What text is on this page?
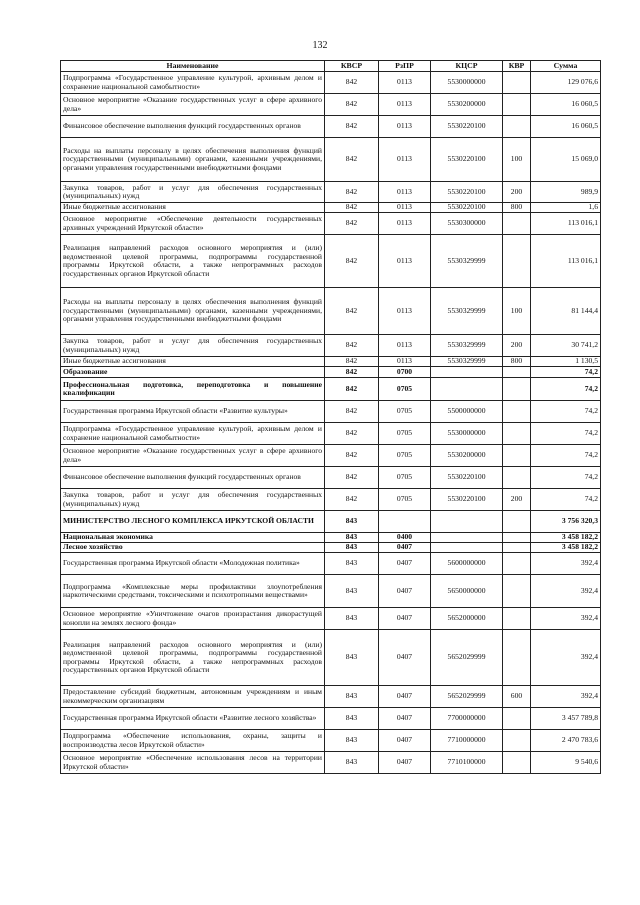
132
Наименование	КВСР	РзПР	КЦСР	КВР	Сумма
Подпрограмма «Государственное управление культурой, архивным делом и сохранение национальной самобытности»	842	0113	5530000000		129 076,6
Основное мероприятие «Оказание государственных услуг в сфере архивного дела»	842	0113	5530200000		16 060,5
Финансовое обеспечение выполнения функций государственных органов	842	0113	5530220100		16 060,5
Расходы на выплаты персоналу в целях обеспечения выполнения функций государственными (муниципальными) органами, казенными учреждениями, органами управления государственными внебюджетными фондами	842	0113	5530220100	100	15 069,0
Закупка товаров, работ и услуг для обеспечения государственных (муниципальных) нужд	842	0113	5530220100	200	989,9
Иные бюджетные ассигнования	842	0113	5530220100	800	1,6
Основное мероприятие «Обеспечение деятельности государственных архивных учреждений Иркутской области»	842	0113	5530300000		113 016,1
Реализация направлений расходов основного мероприятия и (или) ведомственной целевой программы, подпрограммы государственной программы Иркутской области, а также непрограммных расходов государственных органов Иркутской области	842	0113	5530329999		113 016,1
Расходы на выплаты персоналу в целях обеспечения выполнения функций государственными (муниципальными) органами, казенными учреждениями, органами управления государственными внебюджетными фондами	842	0113	5530329999	100	81 144,4
Закупка товаров, работ и услуг для обеспечения государственных (муниципальных) нужд	842	0113	5530329999	200	30 741,2
Иные бюджетные ассигнования	842	0113	5530329999	800	1 130,5
Образование	842	0700			74,2
Профессиональная подготовка, переподготовка и повышение квалификации	842	0705			74,2
Государственная программа Иркутской области «Развитие культуры»	842	0705	5500000000		74,2
Подпрограмма «Государственное управление культурой, архивным делом и сохранение национальной самобытности»	842	0705	5530000000		74,2
Основное мероприятие «Оказание государственных услуг в сфере архивного дела»	842	0705	5530200000		74,2
Финансовое обеспечение выполнения функций государственных органов	842	0705	5530220100		74,2
Закупка товаров, работ и услуг для обеспечения государственных (муниципальных) нужд	842	0705	5530220100	200	74,2
МИНИСТЕРСТВО ЛЕСНОГО КОМПЛЕКСА ИРКУТСКОЙ ОБЛАСТИ	843				3 756 320,3
Национальная экономика	843	0400			3 458 182,2
Лесное хозяйство	843	0407			3 458 182,2
Государственная программа Иркутской области «Молодежная политика»	843	0407	5600000000		392,4
Подпрограмма «Комплексные меры профилактики злоупотребления наркотическими средствами, токсическими и психотропными веществами»	843	0407	5650000000		392,4
Основное мероприятие «Уничтожение очагов произрастания дикорастущей конопли на землях лесного фонда»	843	0407	5652000000		392,4
Реализация направлений расходов основного мероприятия и (или) ведомственной целевой программы, подпрограммы государственной программы Иркутской области, а также непрограммных расходов государственных органов Иркутской области	843	0407	5652029999		392,4
Предоставление субсидий бюджетным, автономным учреждениям и иным некоммерческим организациям	843	0407	5652029999	600	392,4
Государственная программа Иркутской области «Развитие лесного хозяйства»	843	0407	7700000000		3 457 789,8
Подпрограмма «Обеспечение использования, охраны, защиты и воспроизводства лесов Иркутской области»	843	0407	7710000000		2 470 783,6
Основное мероприятие «Обеспечение использования лесов на территории Иркутской области»	843	0407	7710100000		9 540,6
